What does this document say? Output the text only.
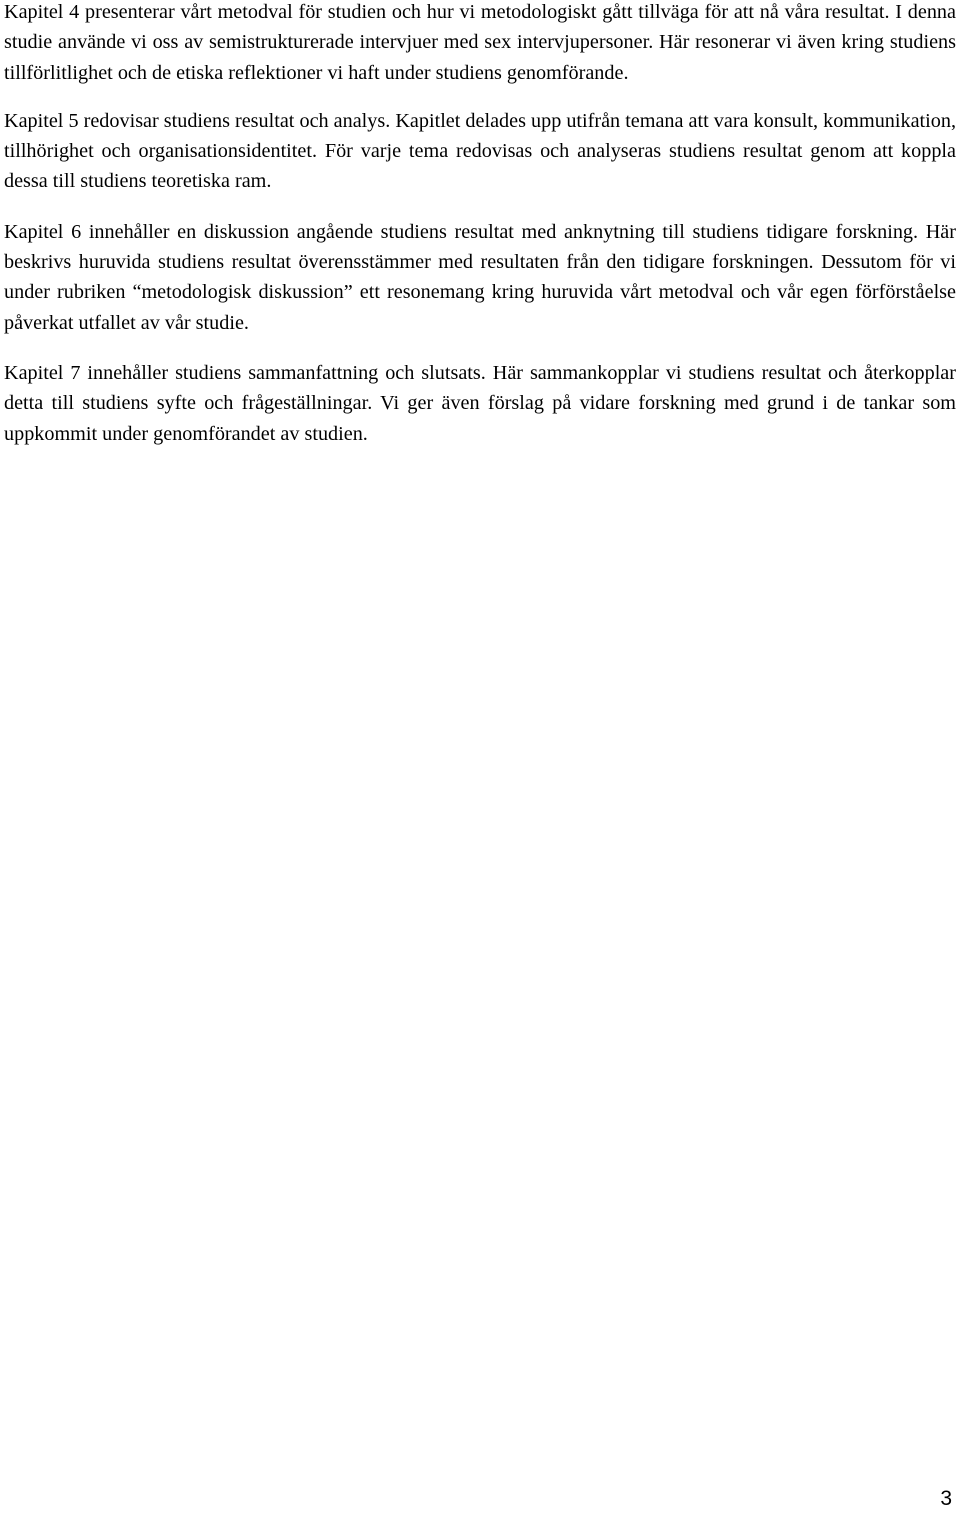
Kapitel 4 presenterar vårt metodval för studien och hur vi metodologiskt gått tillväga för att nå våra resultat. I denna studie använde vi oss av semistrukturerade intervjuer med sex intervjupersoner. Här resonerar vi även kring studiens tillförlitlighet och de etiska reflektioner vi haft under studiens genomförande.

Kapitel 5 redovisar studiens resultat och analys. Kapitlet delades upp utifrån temana att vara konsult, kommunikation, tillhörighet och organisationsidentitet. För varje tema redovisas och analyseras studiens resultat genom att koppla dessa till studiens teoretiska ram.

Kapitel 6 innehåller en diskussion angående studiens resultat med anknytning till studiens tidigare forskning. Här beskrivs huruvida studiens resultat överensstämmer med resultaten från den tidigare forskningen. Dessutom för vi under rubriken “metodologisk diskussion” ett resonemang kring huruvida vårt metodval och vår egen förförståelse påverkat utfallet av vår studie.

Kapitel 7 innehåller studiens sammanfattning och slutsats. Här sammankopplar vi studiens resultat och återkopplar detta till studiens syfte och frågeställningar. Vi ger även förslag på vidare forskning med grund i de tankar som uppkommit under genomförandet av studien.

3
